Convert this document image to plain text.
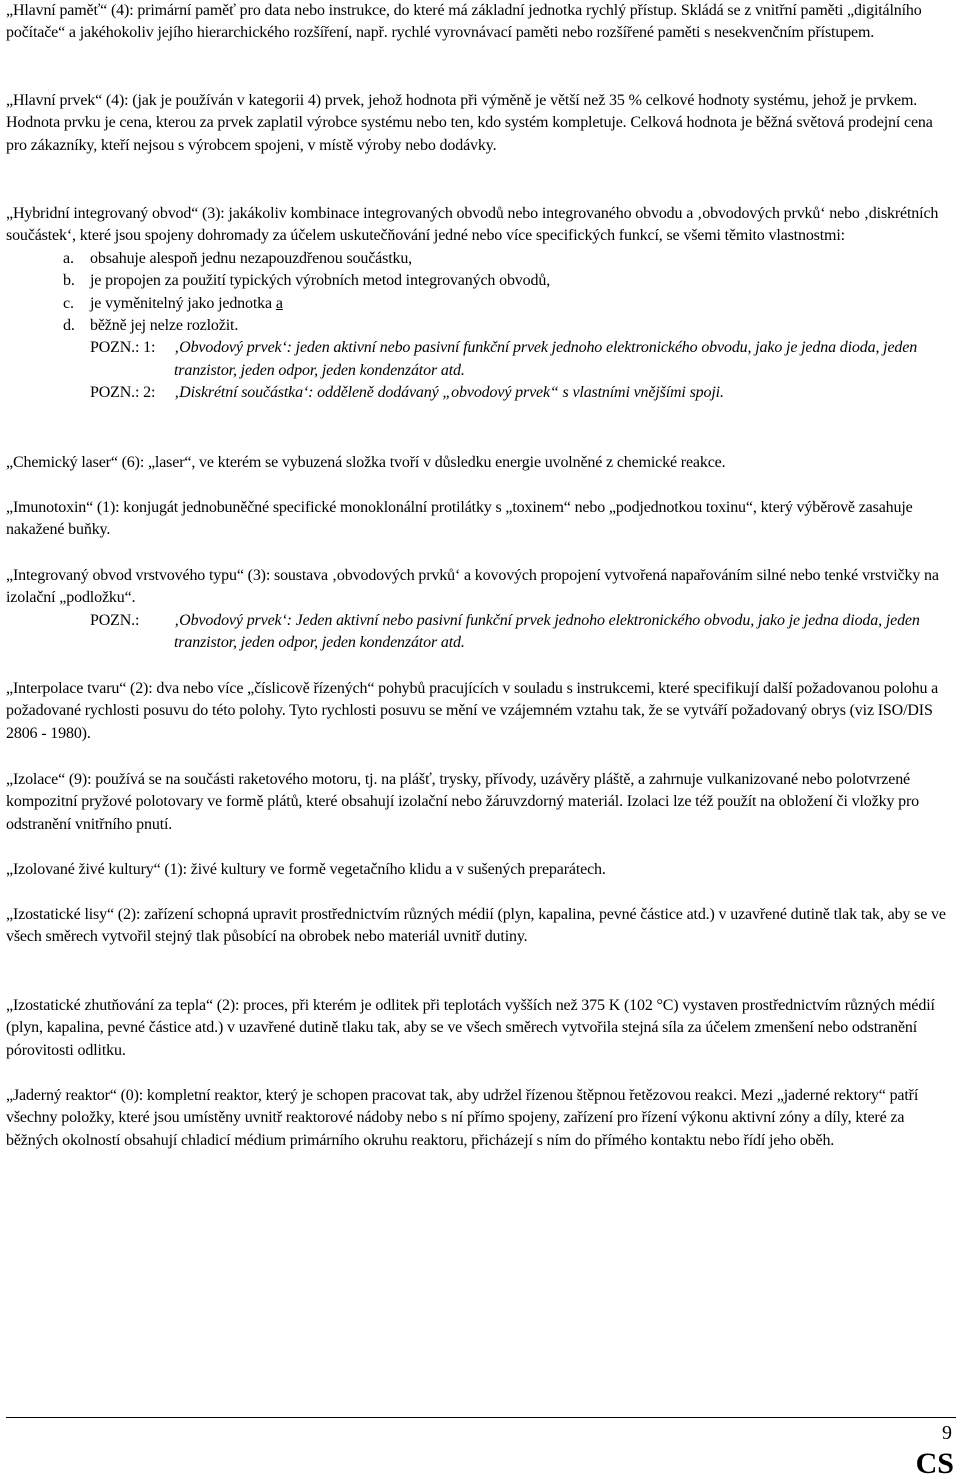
„Hlavní paměť“ (4): primární paměť pro data nebo instrukce, do které má základní jednotka rychlý přístup. Skládá se z vnitřní paměti „digitálního počítače“ a jakéhokoliv jejího hierarchického rozšíření, např. rychlé vyrovnávací paměti nebo rozšířené paměti s nesekvenčním přístupem.

„Hlavní prvek“ (4): (jak je používán v kategorii 4) prvek, jehož hodnota při výměně je větší než 35 % celkové hodnoty systému, jehož je prvkem. Hodnota prvku je cena, kterou za prvek zaplatil výrobce systému nebo ten, kdo systém kompletuje. Celková hodnota je běžná světová prodejní cena pro zákazníky, kteří nejsou s výrobcem spojeni, v místě výroby nebo dodávky.

„Hybridní integrovaný obvod“ (3): jakákoliv kombinace integrovaných obvodů nebo integrovaného obvodu a ‚obvodových prvků‘ nebo ‚diskrétních součástek‘, které jsou spojeny dohromady za účelem uskutečňování jedné nebo více specifických funkcí, se všemi těmito vlastnostmi:

a. obsahuje alespoň jednu nezapouzdřenou součástku,
b. je propojen za použití typických výrobních metod integrovaných obvodů,
c. je vyměnitelný jako jednotka a
d. běžně jej nelze rozložit.
POZN.: 1: ‚Obvodový prvek‘: jeden aktivní nebo pasivní funkční prvek jednoho elektronického obvodu, jako je jedna dioda, jeden tranzistor, jeden odpor, jeden kondenzátor atd.
POZN.: 2: ‚Diskrétní součástka‘: odděleně dodávaný „obvodový prvek“ s vlastními vnějšími spoji.

„Chemický laser“ (6): „laser“, ve kterém se vybuzená složka tvoří v důsledku energie uvolněné z chemické reakce.

„Imunotoxin“ (1): konjugát jednobuněčné specifické monoklonální protilátky s „toxinem“ nebo „podjednotkou toxinu“, který výběrově zasahuje nakažené buňky.

„Integrovaný obvod vrstvového typu“ (3): soustava ‚obvodových prvků‘ a kovových propojení vytvořená napařováním silné nebo tenké vrstvičky na izolační „podložku“.

POZN.: ‚Obvodový prvek‘: Jeden aktivní nebo pasivní funkční prvek jednoho elektronického obvodu, jako je jedna dioda, jeden tranzistor, jeden odpor, jeden kondenzátor atd.

„Interpolace tvaru“ (2): dva nebo více „číslicově řízených“ pohybů pracujících v souladu s instrukcemi, které specifikují další požadovanou polohu a požadované rychlosti posuvu do této polohy. Tyto rychlosti posuvu se mění ve vzájemném vztahu tak, že se vytváří požadovaný obrys (viz ISO/DIS 2806 - 1980).

„Izolace“ (9): používá se na součásti raketového motoru, tj. na plášť, trysky, přívody, uzávěry pláště, a zahrnuje vulkanizované nebo polotvrzené kompozitní pryžové polotovary ve formě plátů, které obsahují izolační nebo žáruvzdorný materiál. Izolaci lze též použít na obložení či vložky pro odstranění vnitřního pnutí.

„Izolované živé kultury“ (1): živé kultury ve formě vegetačního klidu a v sušených preparátech.

„Izostatické lisy“ (2): zařízení schopná upravit prostřednictvím různých médií (plyn, kapalina, pevné částice atd.) v uzavřené dutině tlak tak, aby se ve všech směrech vytvořil stejný tlak působící na obrobek nebo materiál uvnitř dutiny.

„Izostatické zhutňování za tepla“ (2): proces, při kterém je odlitek při teplotách vyšších než 375 K (102 °C) vystaven prostřednictvím různých médií (plyn, kapalina, pevné částice atd.) v uzavřené dutině tlaku tak, aby se ve všech směrech vytvořila stejná síla za účelem zmenšení nebo odstranění pórovitosti odlitku.

„Jaderný reaktor“ (0): kompletní reaktor, který je schopen pracovat tak, aby udržel řízenou štěpnou řetězovou reakci. Mezi „jaderné rektory“ patří všechny položky, které jsou umístěny uvnitř reaktorové nádoby nebo s ní přímo spojeny, zařízení pro řízení výkonu aktivní zóny a díly, které za běžných okolností obsahují chladicí médium primárního okruhu reaktoru, přicházejí s ním do přímého kontaktu nebo řídí jeho oběh.

9
CS
